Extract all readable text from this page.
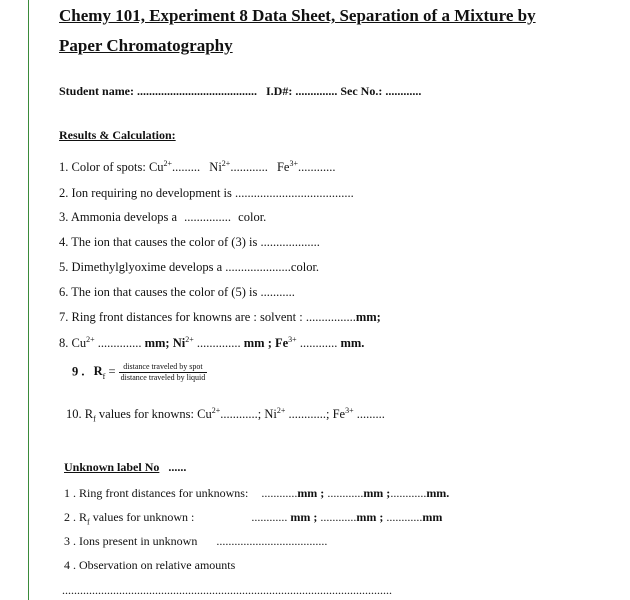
Chemy 101, Experiment 8 Data Sheet, Separation of a Mixture by
Paper Chromatography
Student name: ........................................ I.D#: .............. Sec No.: ............
Results & Calculation:
1. Color of spots: $Cu^{2+}$......... $Ni^{2+}$............ $Fe^{3+}$............
2. Ion requiring no development is ......................................
3. Ammonia develops a ............... color.
4. The ion that causes the color of (3) is ...................
5. Dimethylglyoxime develops a .....................color.
6. The ion that causes the color of (5) is ...........
7. Ring front distances for knowns are : solvent : ................mm;
8. $Cu^{2+}$ .............. mm; $Ni^{2+}$ .............. mm ; $Fe^{3+}$ ............ mm.
9 . $R_f = \frac{\text{distance traveled by spot}}{\text{distance traveled by liquid}}$
10. $R_f$ values for knowns: $Cu^{2+}$............; $Ni^{2+}$ ............; $Fe^{3+}$ .........
Unknown label No ......
1 . Ring front distances for unknowns: ............mm ; ............mm ;............mm.
2 . $R_f$ values for unknown :	............ mm ; ............mm ; ............mm
3 . Ions present in unknown .....................................
4 . Observation on relative amounts
..............................................................................................................
